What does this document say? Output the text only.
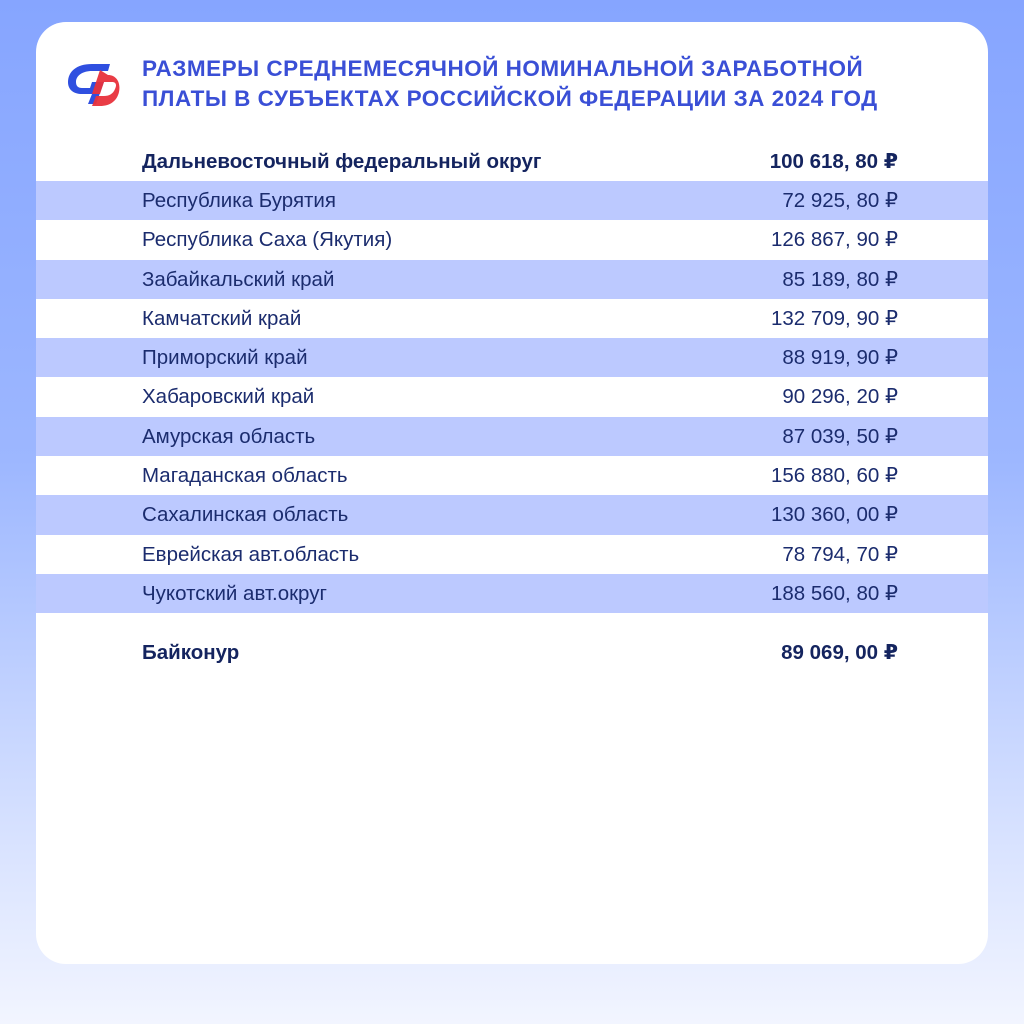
РАЗМЕРЫ СРЕДНЕМЕСЯЧНОЙ НОМИНАЛЬНОЙ ЗАРАБОТНОЙ
ПЛАТЫ В СУБЪЕКТАХ РОССИЙСКОЙ ФЕДЕРАЦИИ ЗА 2024 ГОД
Дальневосточный федеральный округ	100 618, 80 ₽
Республика Бурятия	72 925, 80 ₽
Республика Саха (Якутия)	126 867, 90 ₽
Забайкальский край	85 189, 80 ₽
Камчатский край	132 709, 90 ₽
Приморский край	88 919, 90 ₽
Хабаровский край	90 296, 20 ₽
Амурская область	87 039, 50 ₽
Магаданская область	156 880, 60 ₽
Сахалинская область	130 360, 00 ₽
Еврейская авт.область	78 794, 70 ₽
Чукотский авт.округ	188 560, 80 ₽
Байконур	89 069, 00 ₽
